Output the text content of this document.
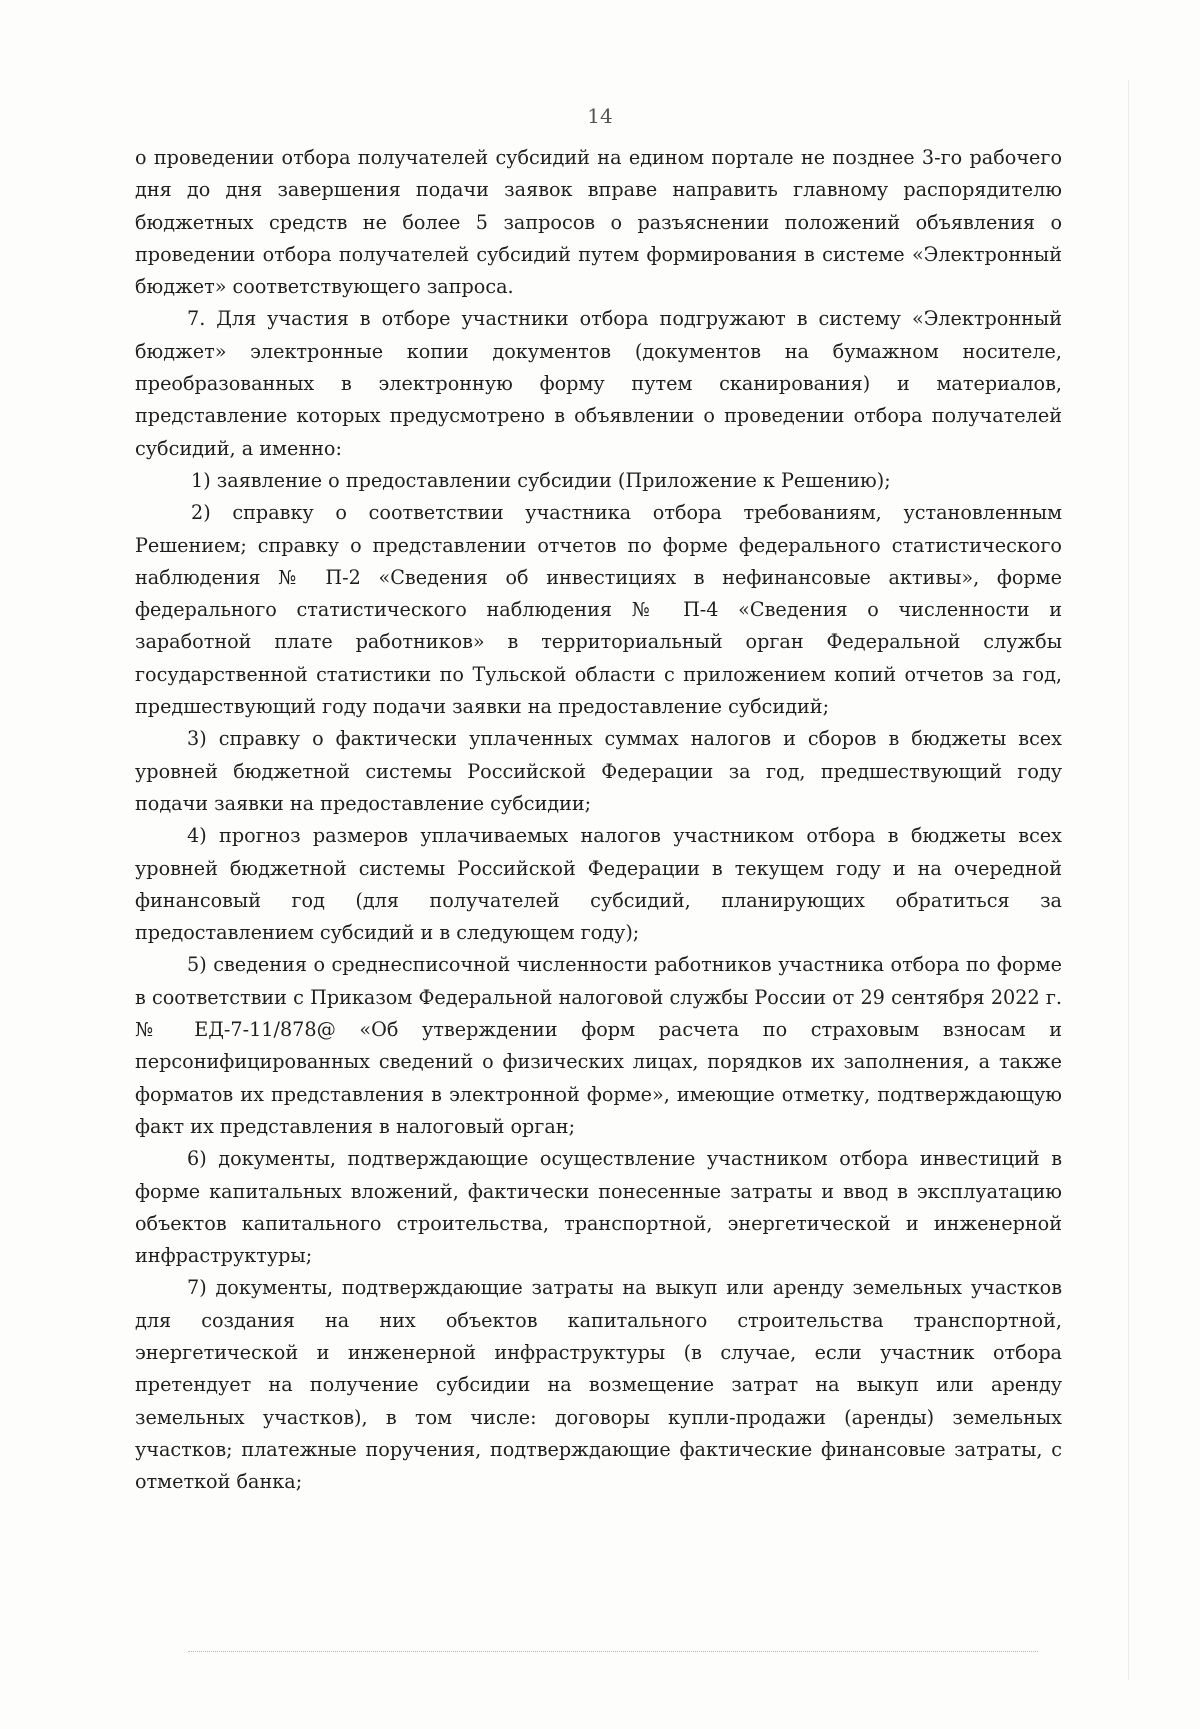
14

о проведении отбора получателей субсидий на едином портале не позднее 3-го рабочего дня до дня завершения подачи заявок вправе направить главному распорядителю бюджетных средств не более 5 запросов о разъяснении положений объявления о проведении отбора получателей субсидий путем формирования в системе «Электронный бюджет» соответствующего запроса.

7. Для участия в отборе участники отбора подгружают в систему «Электронный бюджет» электронные копии документов (документов на бумажном носителе, преобразованных в электронную форму путем сканирования) и материалов, представление которых предусмотрено в объявлении о проведении отбора получателей субсидий, а именно:

1) заявление о предоставлении субсидии (Приложение к Решению);

2) справку о соответствии участника отбора требованиям, установленным Решением; справку о представлении отчетов по форме федерального статистического наблюдения № П-2 «Сведения об инвестициях в нефинансовые активы», форме федерального статистического наблюдения № П-4 «Сведения о численности и заработной плате работников» в территориальный орган Федеральной службы государственной статистики по Тульской области с приложением копий отчетов за год, предшествующий году подачи заявки на предоставление субсидий;

3) справку о фактически уплаченных суммах налогов и сборов в бюджеты всех уровней бюджетной системы Российской Федерации за год, предшествующий году подачи заявки на предоставление субсидии;

4) прогноз размеров уплачиваемых налогов участником отбора в бюджеты всех уровней бюджетной системы Российской Федерации в текущем году и на очередной финансовый год (для получателей субсидий, планирующих обратиться за предоставлением субсидий и в следующем году);

5) сведения о среднесписочной численности работников участника отбора по форме в соответствии с Приказом Федеральной налоговой службы России от 29 сентября 2022 г. № ЕД-7-11/878@ «Об утверждении форм расчета по страховым взносам и персонифицированных сведений о физических лицах, порядков их заполнения, а также форматов их представления в электронной форме», имеющие отметку, подтверждающую факт их представления в налоговый орган;

6) документы, подтверждающие осуществление участником отбора инвестиций в форме капитальных вложений, фактически понесенные затраты и ввод в эксплуатацию объектов капитального строительства, транспортной, энергетической и инженерной инфраструктуры;

7) документы, подтверждающие затраты на выкуп или аренду земельных участков для создания на них объектов капитального строительства транспортной, энергетической и инженерной инфраструктуры (в случае, если участник отбора претендует на получение субсидии на возмещение затрат на выкуп или аренду земельных участков), в том числе: договоры купли-продажи (аренды) земельных участков; платежные поручения, подтверждающие фактические финансовые затраты, с отметкой банка;
